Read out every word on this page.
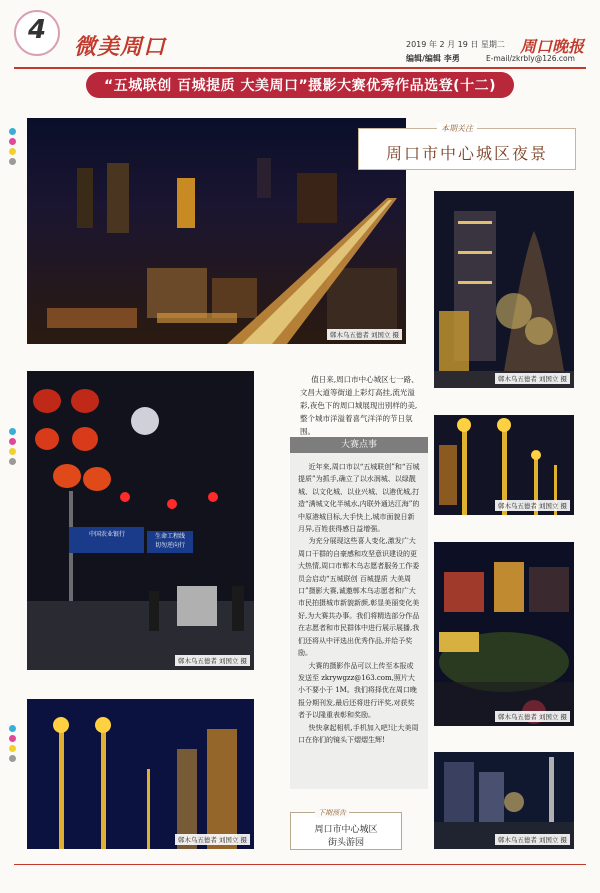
4
微美周口	2019 年 2 月 19 日 星期二
编辑/编辑 李勇
周口晚报
E-mail/zkrbly@126.com
“五城联创 百城提质 大美周口”摄影大赛优秀作品选登(十二)
郸木乌五德者 刘国立 摄
本期关注
周口市中心城区夜景
郸木乌五德者 刘国立 摄
值日来,周口市中心城区七一路、文昌大道等街道上彩灯高挂,流光溢彩,夜色下的周口城展现出别样的美,整个城市洋溢着喜气洋洋的节日氛围。
中国农业银行	生命工程线
切勿逆向行
郸木乌五德者 刘国立 摄
大赛点事

近年来,周口市以“五城联创”和“百城提质”为抓手,确立了以水润城、以绿靓城、以文化城、以业兴城、以港优城,打造“满城文化半城水,内联外通达江海”的中原港城目标,大手快上,城市面貌日新月异,百姓获得感日益增强。

为充分展现这些喜人变化,激发广大周口干群的自豪感和攻坚意识建设的更大热情,周口市郸木乌志愿者服务工作委员会启动“五城联创 百城提质 大美周口”摄影大赛,诚邀郸木乌志愿者和广大市民拍摄城市新貌新颜,彰显美丽变化美好,为大赛共办事。我们将精选部分作品在志愿者和市民群体中进行展示展播,我们还将从中评选出优秀作品,并给予奖励。

大赛的摄影作品可以上传至本报或发送至 zkrywgzz@163.com,照片大小不要小于 1M。我们将择优在周口晚报分期刊发,最后还将进行评奖,对获奖者予以隆重表彰和奖励。

快快拿起相机,手机加入吧!让大美周口在你们的镜头下熠熠生辉!

郸木乌五德者 刘国立 摄
郸木乌五德者 刘国立 摄
郸木乌五德者 刘国立 摄	郸木乌五德者 刘国立 摄
下期预告
周口市中心城区
街头游园
